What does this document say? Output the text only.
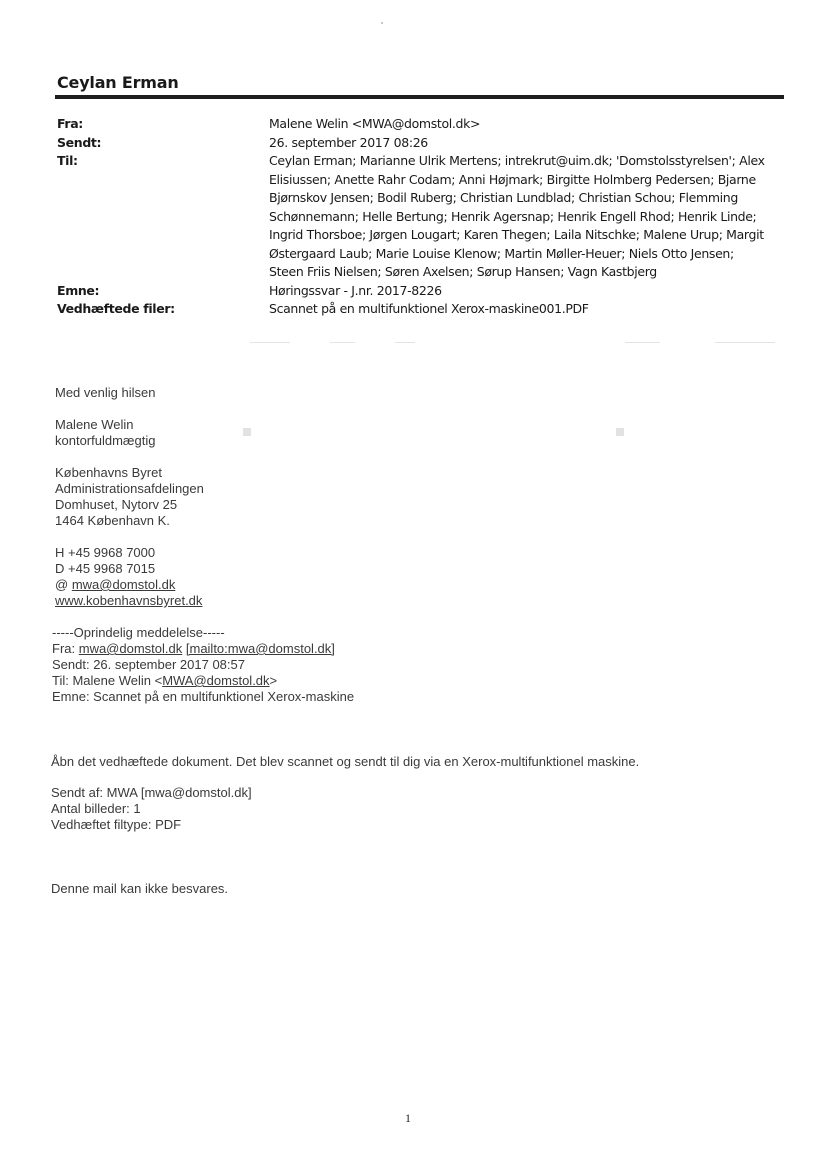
Ceylan Erman
Fra:	Malene Welin <MWA@domstol.dk>
Sendt:	26. september 2017 08:26
Til:	Ceylan Erman; Marianne Ulrik Mertens; intrekrut@uim.dk; 'Domstolsstyrelsen'; Alex
Elisiussen; Anette Rahr Codam; Anni Højmark; Birgitte Holmberg Pedersen; Bjarne
Bjørnskov Jensen; Bodil Ruberg; Christian Lundblad; Christian Schou; Flemming
Schønnemann; Helle Bertung; Henrik Agersnap; Henrik Engell Rhod; Henrik Linde;
Ingrid Thorsboe; Jørgen Lougart; Karen Thegen; Laila Nitschke; Malene Urup; Margit
Østergaard Laub; Marie Louise Klenow; Martin Møller-Heuer; Niels Otto Jensen;
Steen Friis Nielsen; Søren Axelsen; Sørup Hansen; Vagn Kastbjerg
Emne:	Høringssvar - J.nr. 2017-8226
Vedhæftede filer:	Scannet på en multifunktionel Xerox-maskine001.PDF
Med venlig hilsen
Malene Welin
kontorfuldmægtig
Københavns Byret
Administrationsafdelingen
Domhuset, Nytorv 25
1464 København K.
H +45 9968 7000
D +45 9968 7015
@ mwa@domstol.dk
www.kobenhavnsbyret.dk
-----Oprindelig meddelelse-----
Fra: mwa@domstol.dk [mailto:mwa@domstol.dk]
Sendt: 26. september 2017 08:57
Til: Malene Welin <MWA@domstol.dk>
Emne: Scannet på en multifunktionel Xerox-maskine
Åbn det vedhæftede dokument. Det blev scannet og sendt til dig via en Xerox-multifunktionel maskine.
Sendt af: MWA [mwa@domstol.dk]
Antal billeder: 1
Vedhæftet filtype: PDF
Denne mail kan ikke besvares.
1
